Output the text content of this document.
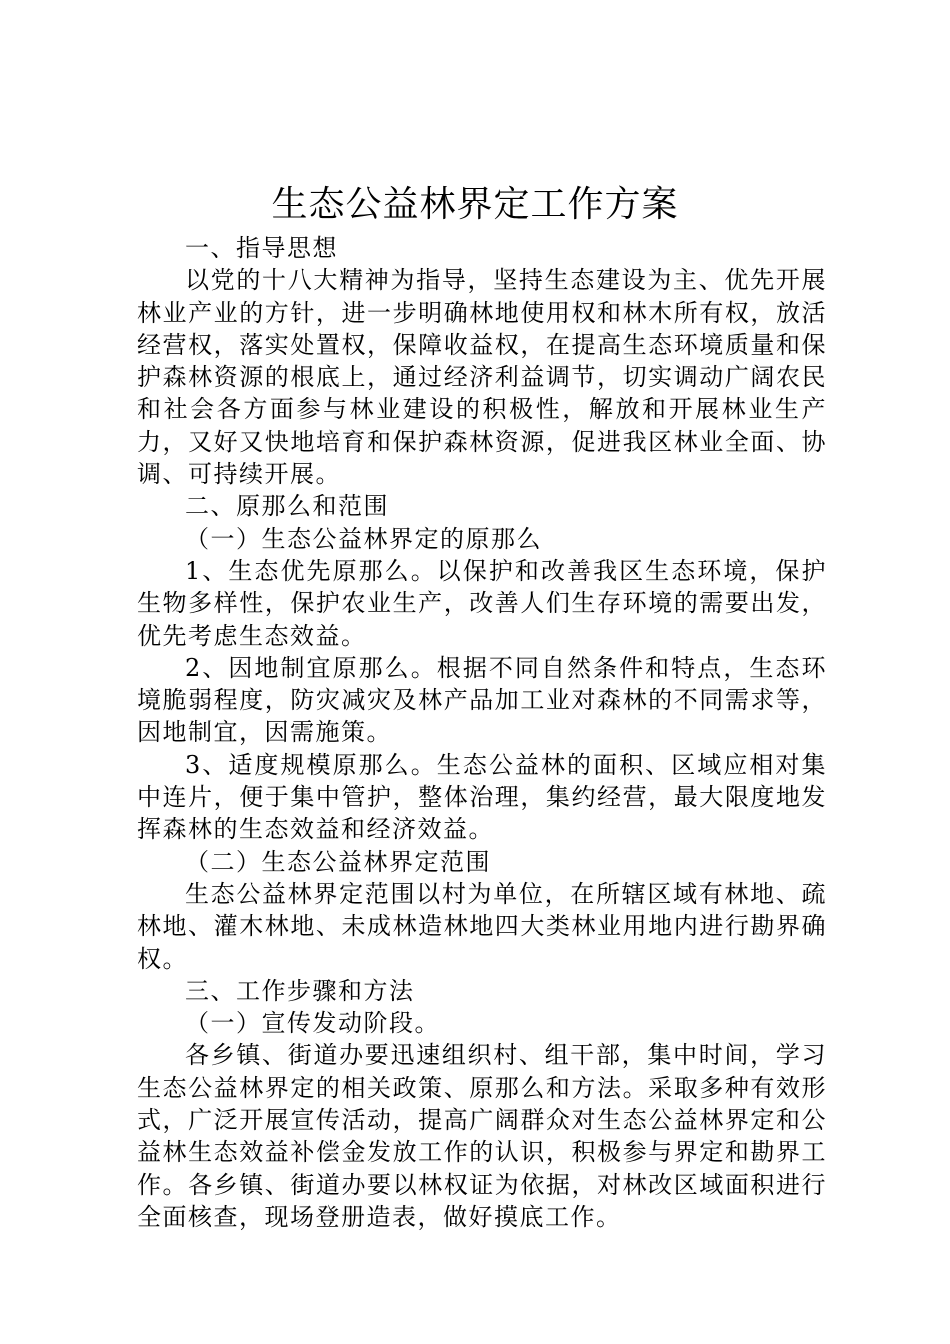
生态公益林界定工作方案

一、指导思想

以党的十八大精神为指导，坚持生态建设为主、优先开展林业产业的方针，进一步明确林地使用权和林木所有权，放活经营权，落实处置权，保障收益权，在提高生态环境质量和保护森林资源的根底上，通过经济利益调节，切实调动广阔农民和社会各方面参与林业建设的积极性，解放和开展林业生产力，又好又快地培育和保护森林资源，促进我区林业全面、协调、可持续开展。

二、原那么和范围

（一）生态公益林界定的原那么

1、生态优先原那么。以保护和改善我区生态环境，保护生物多样性，保护农业生产，改善人们生存环境的需要出发，优先考虑生态效益。

2、因地制宜原那么。根据不同自然条件和特点，生态环境脆弱程度，防灾减灾及林产品加工业对森林的不同需求等，因地制宜，因需施策。

3、适度规模原那么。生态公益林的面积、区域应相对集中连片，便于集中管护，整体治理，集约经营，最大限度地发挥森林的生态效益和经济效益。

（二）生态公益林界定范围

生态公益林界定范围以村为单位，在所辖区域有林地、疏林地、灌木林地、未成林造林地四大类林业用地内进行勘界确权。

三、工作步骤和方法

（一）宣传发动阶段。

各乡镇、街道办要迅速组织村、组干部，集中时间，学习生态公益林界定的相关政策、原那么和方法。采取多种有效形式，广泛开展宣传活动，提高广阔群众对生态公益林界定和公益林生态效益补偿金发放工作的认识，积极参与界定和勘界工作。各乡镇、街道办要以林权证为依据，对林改区域面积进行全面核查，现场登册造表，做好摸底工作。
